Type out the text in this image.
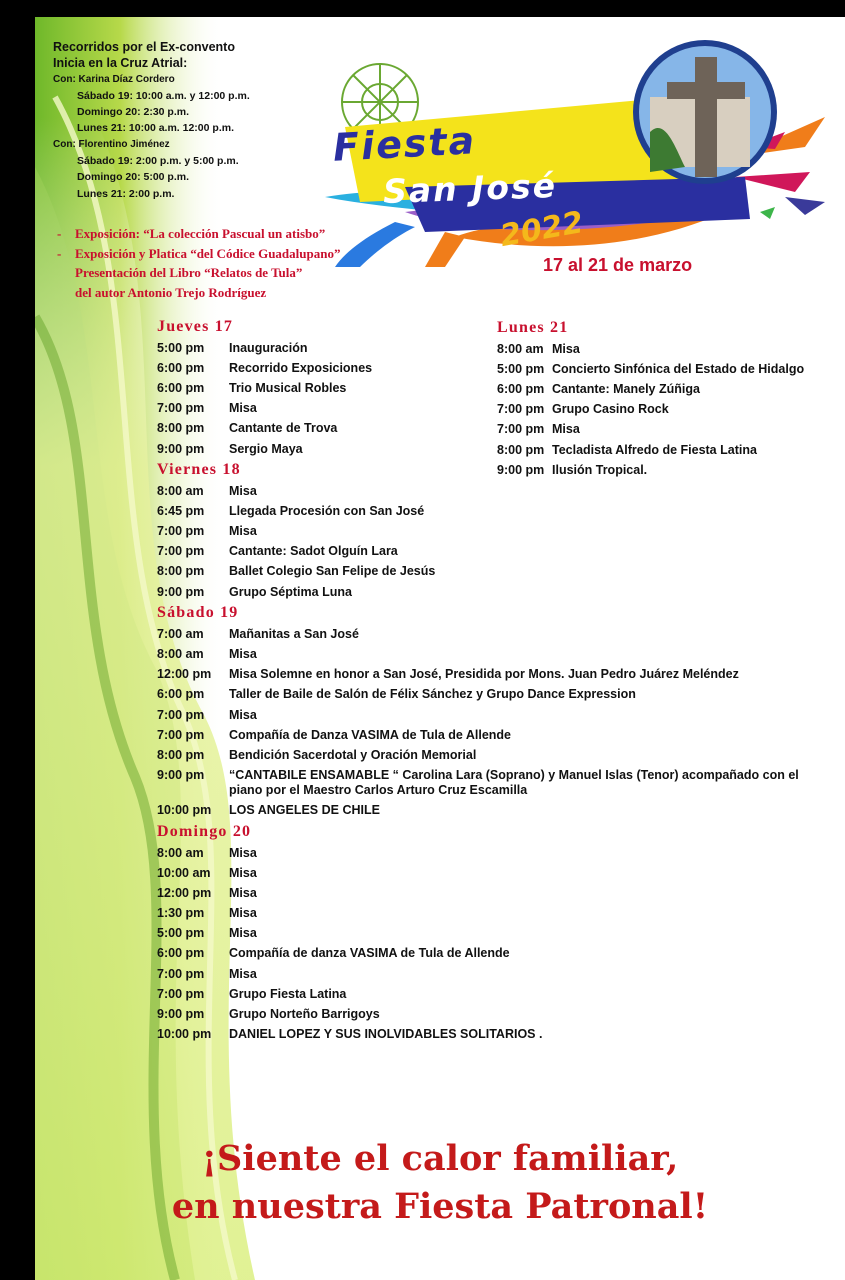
Fiesta
San José
2022
17 al 21 de marzo
Recorridos por el Ex-convento
Inicia en la Cruz Atrial:
Con: Karina Díaz Cordero
Sábado 19: 10:00 a.m. y 12:00 p.m.
Domingo 20: 2:30 p.m.
Lunes 21: 10:00 a.m. 12:00 p.m.
Con: Florentino Jiménez
Sábado 19: 2:00 p.m. y 5:00 p.m.
Domingo 20: 5:00 p.m.
Lunes 21: 2:00 p.m.
-	Exposición: “La colección Pascual un atisbo”
-	Exposición y Platica “del Códice Guadalupano”
Presentación del Libro “Relatos de Tula”
del autor Antonio Trejo Rodríguez
Jueves 17
5:00 pm	Inauguración
6:00 pm	Recorrido Exposiciones
6:00 pm	Trio Musical Robles
7:00 pm	Misa
8:00 pm	Cantante de Trova
9:00 pm	Sergio Maya
Viernes 18
8:00 am	Misa
6:45 pm	Llegada Procesión con San José
7:00 pm	Misa
7:00 pm	Cantante: Sadot Olguín Lara
8:00 pm	Ballet Colegio San Felipe de Jesús
9:00 pm	Grupo Séptima Luna
Sábado 19
7:00 am	Mañanitas a San José
8:00 am	Misa
12:00 pm	Misa Solemne en honor a San José, Presidida por Mons. Juan Pedro Juárez Meléndez
6:00 pm	Taller de Baile de Salón de Félix Sánchez y Grupo Dance Expression
7:00 pm	Misa
7:00 pm	Compañía de Danza VASIMA de Tula de Allende
8:00 pm	Bendición Sacerdotal y Oración Memorial
9:00 pm	“CANTABILE ENSAMABLE “ Carolina Lara (Soprano) y Manuel Islas (Tenor) acompañado con el piano por el Maestro Carlos Arturo Cruz Escamilla
10:00 pm	LOS ANGELES DE CHILE
Domingo 20
8:00 am	Misa
10:00 am	Misa
12:00 pm	Misa
1:30 pm	Misa
5:00 pm	Misa
6:00 pm	Compañía de danza VASIMA de Tula de Allende
7:00 pm	Misa
7:00 pm	Grupo Fiesta Latina
9:00 pm	Grupo Norteño Barrigoys
10:00 pm	DANIEL LOPEZ Y SUS INOLVIDABLES SOLITARIOS .
Lunes 21
8:00 am Misa
5:00 pm Concierto Sinfónica del Estado de Hidalgo
6:00 pm Cantante: Manely Zúñiga
7:00 pm Grupo Casino Rock
7:00 pm Misa
8:00 pm Tecladista Alfredo de Fiesta Latina
9:00 pm Ilusión Tropical.
¡Siente el calor familiar,
en nuestra Fiesta Patronal!
